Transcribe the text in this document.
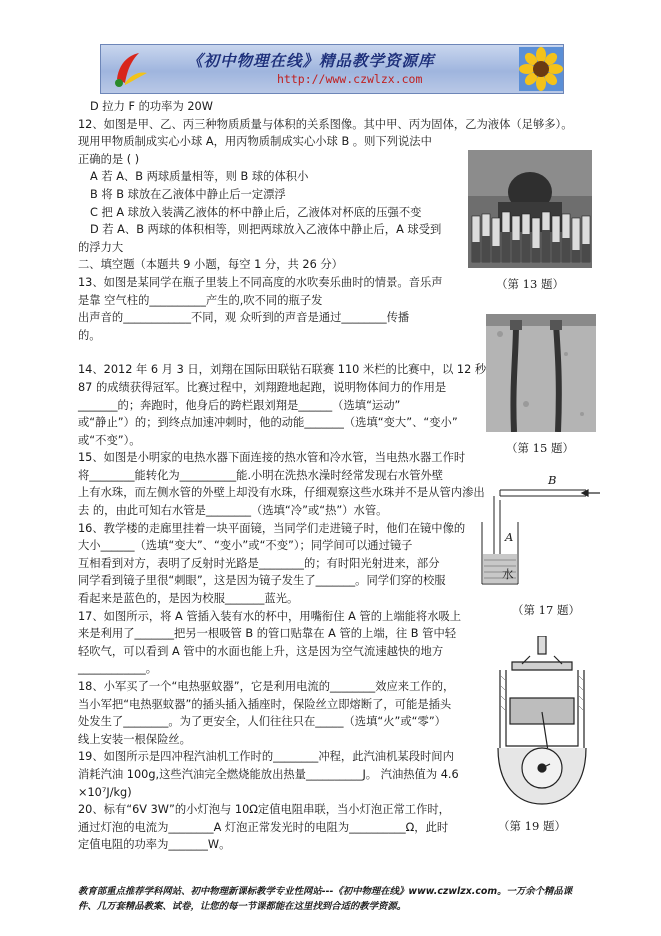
《初中物理在线》精品教学资源库
http://www.czwlzx.com

D 拉力 F 的功率为 20W

12、如图是甲、乙、丙三种物质质量与体积的关系图像。其中甲、丙为固体，乙为液体（足够多）。

现用甲物质制成实心小球 A，用丙物质制成实心小球 B 。则下列说法中

正确的是 ( )

A 若 A、B 两球质量相等，则 B 球的体积小

B 将 B 球放在乙液体中静止后一定漂浮

C 把 A 球放入装满乙液体的杯中静止后，乙液体对杯底的压强不变

D 若 A、B 两球的体积相等，则把两球放入乙液体中静止后，A 球受到

的浮力大

二、填空题（本题共 9 小题，每空 1 分，共 26 分）

13、如图是某同学在瓶子里装上不同高度的水吹奏乐曲时的情景。音乐声

是靠 空气柱的__________产生的,吹不同的瓶子发

出声音的____________不同，观 众听到的声音是通过________传播

的。

14、2012 年 6 月 3 日，刘翔在国际田联钻石联赛 110 米栏的比赛中，以 12 秒

87 的成绩获得冠军。比赛过程中，刘翔蹬地起跑，说明物体间力的作用是

_______的；奔跑时，他身后的跨栏跟刘翔是______（选填“运动”

或“静止”）的；到终点加速冲刺时，他的动能_______（选填“变大”、“变小”

或“不变”）。

15、如图是小明家的电热水器下面连接的热水管和冷水管，当电热水器工作时

将________能转化为__________能.小明在洗热水澡时经常发现右水管外壁

上有水珠，而左侧水管的外壁上却没有水珠，仔细观察这些水珠并不是从管内渗出

去 的，由此可知右水管是________（选填“冷”或“热”）水管。

16、教学楼的走廊里挂着一块平面镜，当同学们走进镜子时，他们在镜中像的

大小______（选填“变大”、“变小”或“不变”）；同学间可以通过镜子

互相看到对方，表明了反射时光路是________的；有时阳光射进来，部分

同学看到镜子里很“刺眼”，这是因为镜子发生了_______。同学们穿的校服

看起来是蓝色的，是因为校服_______蓝光。

17、如图所示，将 A 管插入装有水的杯中，用嘴衔住 A 管的上端能将水吸上

来是利用了_______把另一根吸管 B 的管口贴靠在 A 管的上端，往 B 管中轻

轻吹气，可以看到 A 管中的水面也能上升，这是因为空气流速越快的地方

____________。

18、小军买了一个“电热驱蚊器”，它是利用电流的________效应来工作的，

当小军把“电热驱蚊器”的插头插入插座时，保险丝立即熔断了，可能是插头

处发生了________。为了更安全，人们往往只在_____（选填“火”或“零”）

线上安装一根保险丝。

19、如图所示是四冲程汽油机工作时的________冲程，此汽油机某段时间内

消耗汽油 100g,这些汽油完全燃烧能放出热量__________J。 汽油热值为 4.6

×10⁷J/kg)

20、标有“6V 3W”的小灯泡与 10Ω定值电阻串联，当小灯泡正常工作时，

通过灯泡的电流为________A 灯泡正常发光时的电阻为__________Ω，此时

定值电阻的功率为_______W。

（第 13 题）
（第 15 题）
B
A
水
（第 17 题）
（第 19 题）
教育部重点推荐学科网站、初中物理新课标教学专业性网站---《初中物理在线》www.czwlzx.com。一万余个精品课
件、几万套精品教案、试卷，让您的每一节课都能在这里找到合适的教学资源。
